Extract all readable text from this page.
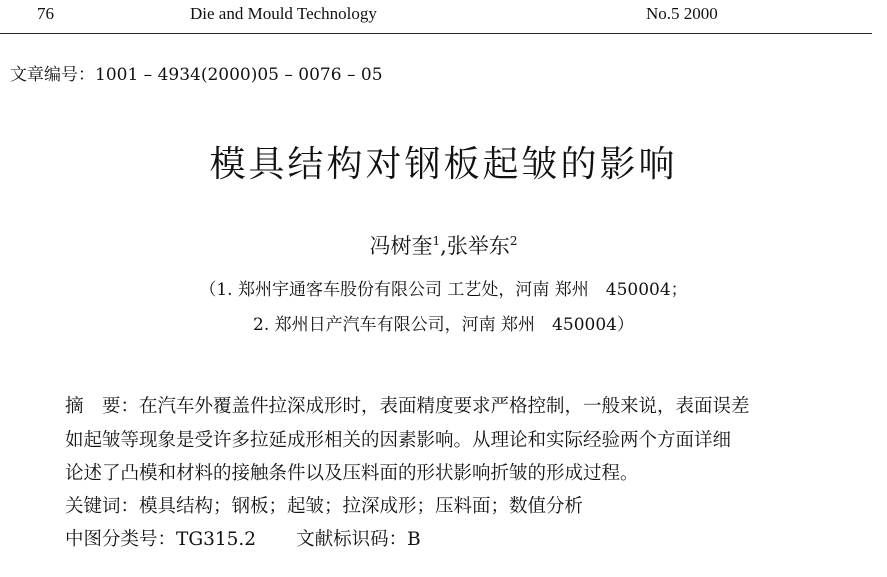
76	Die and Mould Technology	No.5 2000
文章编号：1001 – 4934(2000)05 – 0076 – 05
模具结构对钢板起皱的影响
冯树奎$^1$,张举东$^2$
（1. 郑州宇通客车股份有限公司 工艺处，河南 郑州　450004；
2. 郑州日产汽车有限公司，河南 郑州　450004）
摘　要：在汽车外覆盖件拉深成形时，表面精度要求严格控制，一般来说，表面误差
如起皱等现象是受许多拉延成形相关的因素影响。从理论和实际经验两个方面详细
论述了凸模和材料的接触条件以及压料面的形状影响折皱的形成过程。
关键词：模具结构；钢板；起皱；拉深成形；压料面；数值分析
中图分类号：TG315.2 文献标识码：B
